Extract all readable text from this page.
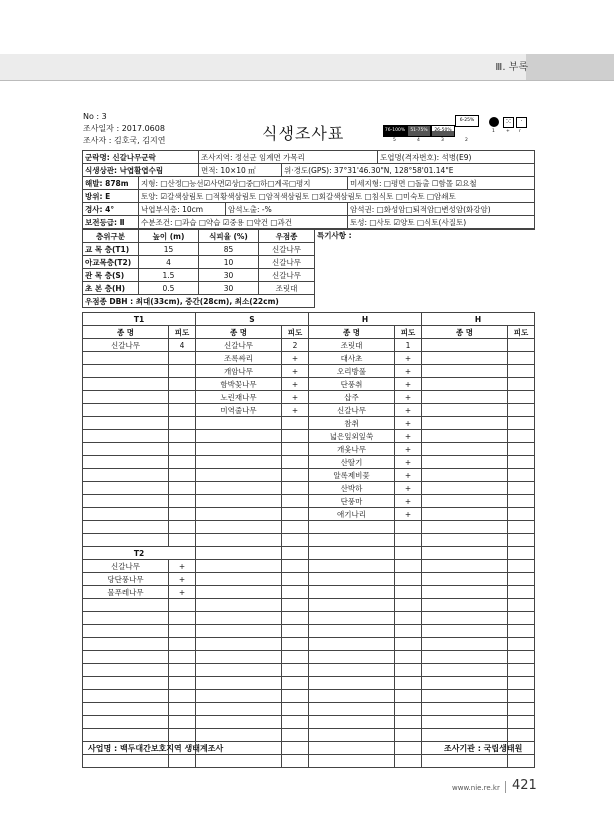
Ⅲ. 부록
No : 3
조사일자 : 2017.0608
조사자 : 김호국, 김지연	식생조사표	76-100%	51-75%	26-50%
6-25%
5	4	3	2
⁙	·
1 + r
군락명: 신갈나무군락		조사지역: 정선군 임계면 가목리				도엽명(격자번호): 석병(E9)
식생상관: 낙엽활엽수림		면적: 10×10 ㎡		위·경도(GPS): 37°31'46.30"N, 128°58'01.14"E		
해발: 878m	지형: □산정□능선☑사면☑상□중□하□계곡□평지				미세지형: □평면 □돌출 ☐함몰 ☑요철	
방위: E	토양: ☑갈색삼림토 □적황색삼림토 □암적색삼림토 □회갈색삼림토 □침식토 □미숙토 □암쇄토					
경사: 4°	낙엽부식층: 10cm		암석노출: -%		암석권: □화성암□퇴적암□변성암(화강암)	
보전등급: Ⅱ	수분조건: □과습 □약습 ☑중용 □약건 □과건				토성: □사토 ☑양토 □식토(사질토)	
층위구분	높이 (m)	식피율 (%)	우점종	특기사항 :
교 목 층(T1)	15	85	신갈나무	
아교목층(T2)	4	10	신갈나무	
관 목 층(S)	1.5	30	신갈나무	
초 본 층(H)	0.5	30	조릿대	
우점종 DBH : 최대(33cm), 중간(28cm), 최소(22cm)				
T1		S		H		H	
종 명	피도	종 명	피도	종 명	피도	종 명	피도
신갈나무	4	신갈나무	2	조릿대	1		
		조록싸리	+	대사초	+		
		개암나무	+	오리방풀	+		
		함박꽃나무	+	단풍취	+		
		노린재나무	+	삽주	+		
		미역줄나무	+	신갈나무	+		
				참취	+		
				넓은잎외잎쑥	+		
				개옻나무	+		
				산딸기	+		
				알록제비꽃	+		
				산박하	+		
				단풍마	+		
				애기나리	+		

T2							
신갈나무	+						
당단풍나무	+						
물푸레나무	+						

사업명 : 백두대간보호지역 생태계조사	조사기관 : 국립생태원
www.nie.re.kr 421
